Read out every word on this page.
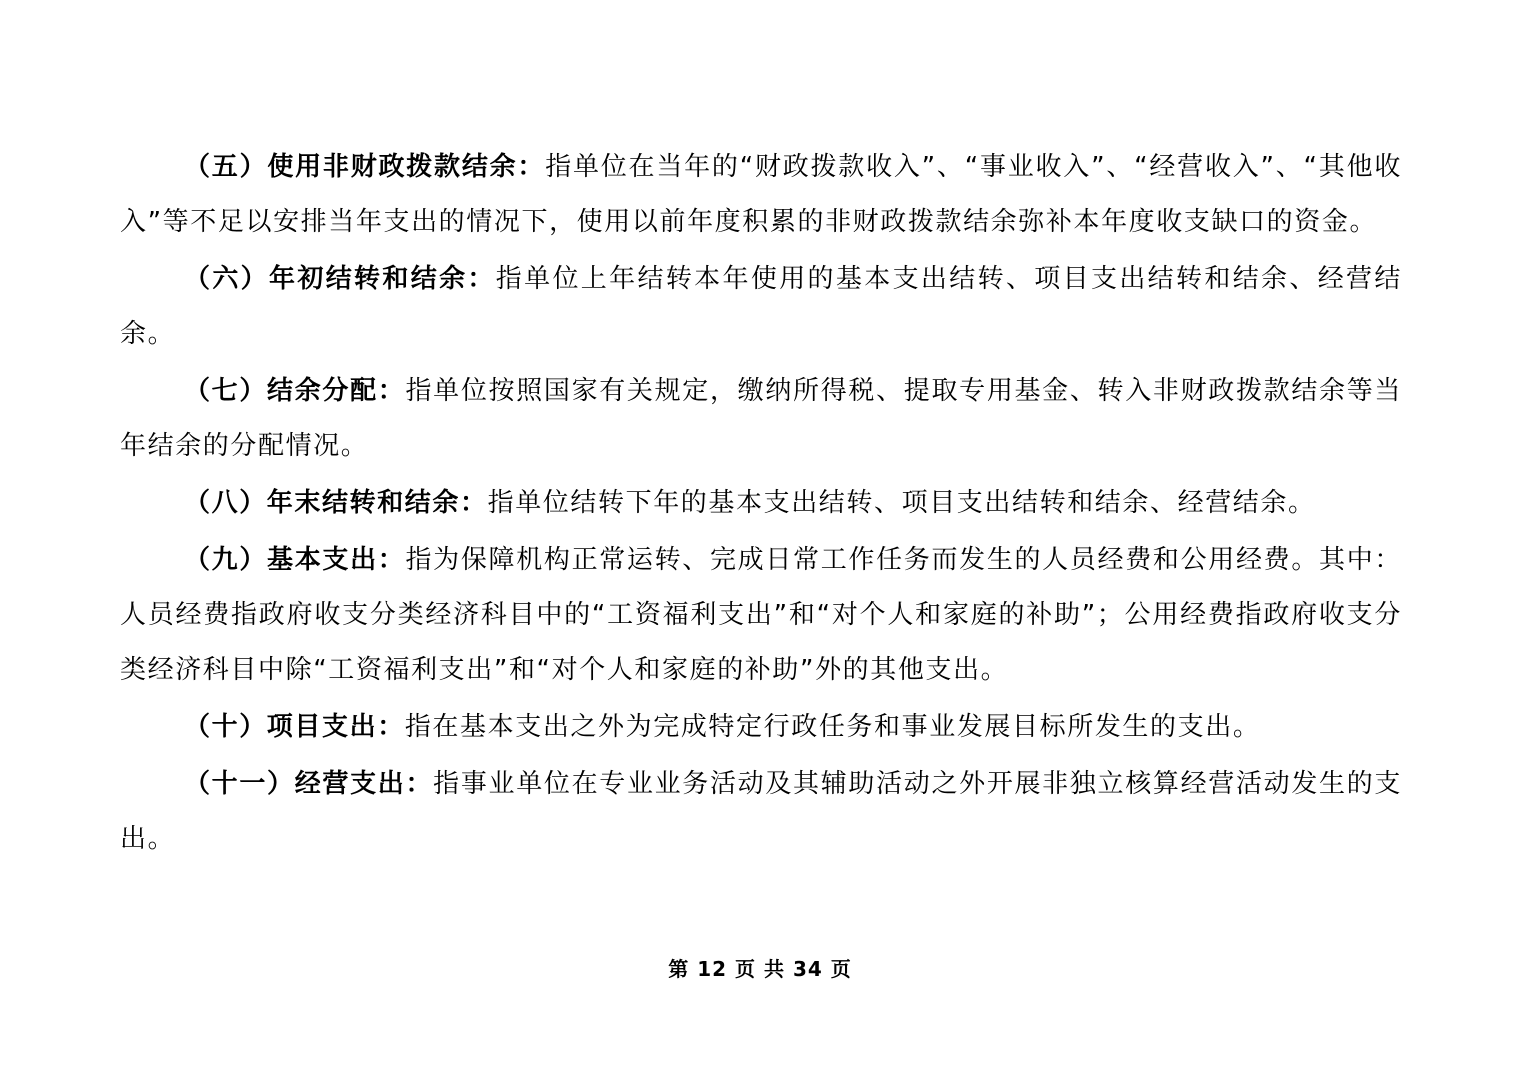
（五）使用非财政拨款结余：指单位在当年的“财政拨款收入”、“事业收入”、“经营收入”、“其他收入”等不足以安排当年支出的情况下，使用以前年度积累的非财政拨款结余弥补本年度收支缺口的资金。

（六）年初结转和结余：指单位上年结转本年使用的基本支出结转、项目支出结转和结余、经营结余。

（七）结余分配：指单位按照国家有关规定，缴纳所得税、提取专用基金、转入非财政拨款结余等当年结余的分配情况。

（八）年末结转和结余：指单位结转下年的基本支出结转、项目支出结转和结余、经营结余。

（九）基本支出：指为保障机构正常运转、完成日常工作任务而发生的人员经费和公用经费。其中：人员经费指政府收支分类经济科目中的“工资福利支出”和“对个人和家庭的补助”；公用经费指政府收支分类经济科目中除“工资福利支出”和“对个人和家庭的补助”外的其他支出。

（十）项目支出：指在基本支出之外为完成特定行政任务和事业发展目标所发生的支出。

（十一）经营支出：指事业单位在专业业务活动及其辅助活动之外开展非独立核算经营活动发生的支出。

第 12 页 共 34 页
